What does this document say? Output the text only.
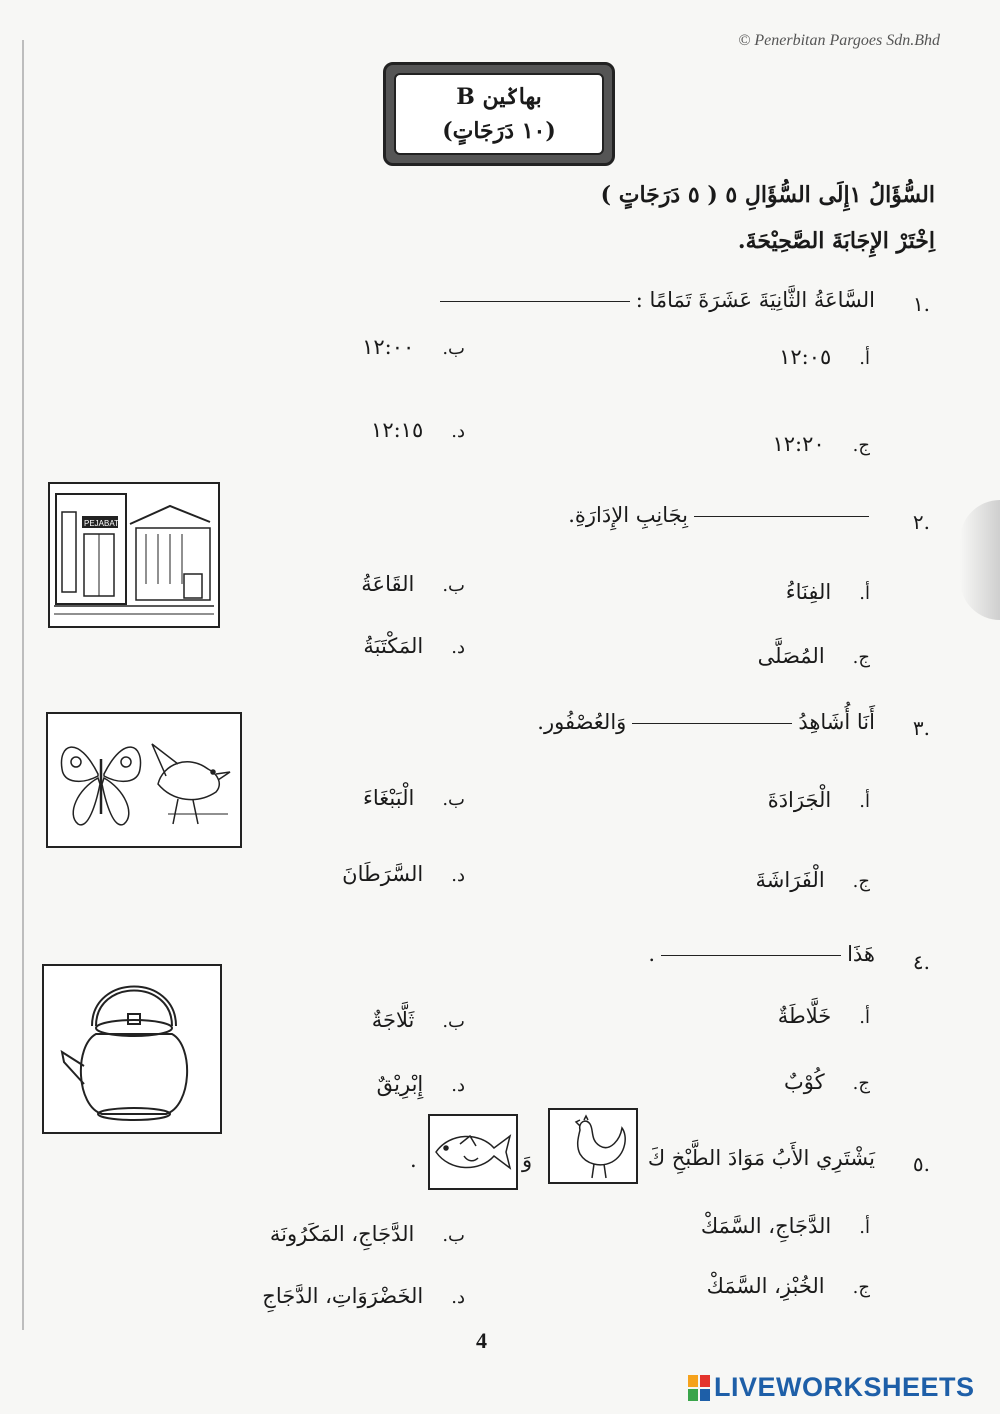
© Penerbitan Pargoes Sdn.Bhd
بهاݢين B
(١٠ دَرَجَاتٍ)
السُّؤَالُ ١إِلَى السُّؤَالِ ٥ ( ٥ دَرَجَاتٍ )
اِخْتَرْ الإِجَابَةَ الصَّحِيْحَةَ.
١.
السَّاعَةُ الثَّانِيَةَ عَشَرَةَ تَمَامًا :
أ.
١٢:٠٥
ب.
١٢:٠٠
ج.
١٢:٢٠
د.
١٢:١٥
٢.
بِجَانِبِ الإِدَارَةِ.
PEJABAT
أ.
الفِنَاءُ
ب.
القَاعَةُ
ج.
المُصَلَّى
د.
المَكْتَبَةُ
٣.
أَنَا أُشَاهِدُوَالعُصْفُور.
أ.
الْجَرَادَةَ
ب.
الْبَبْغَاءَ
ج.
الْفَرَاشَةَ
د.
السَّرَطَانَ
٤.
هَذَا.
أ.
خَلَّاطَةٌ
ب.
ثَلَّاجَةٌ
ج.
كُوْبٌ
د.
إِبْرِيْقٌ
٥.
يَشْتَرِي الأَبُ مَوَادَ الطَّبْخِ كَ
وَ
.
أ.
الدَّجَاجِ، السَّمَكْ
ب.
الدَّجَاجِ، المَكَرُونَة
ج.
الخُبْزِ، السَّمَكْ
د.
الخَضْرَوَاتِ، الدَّجَاجِ
4
LIVEWORKSHEETS
